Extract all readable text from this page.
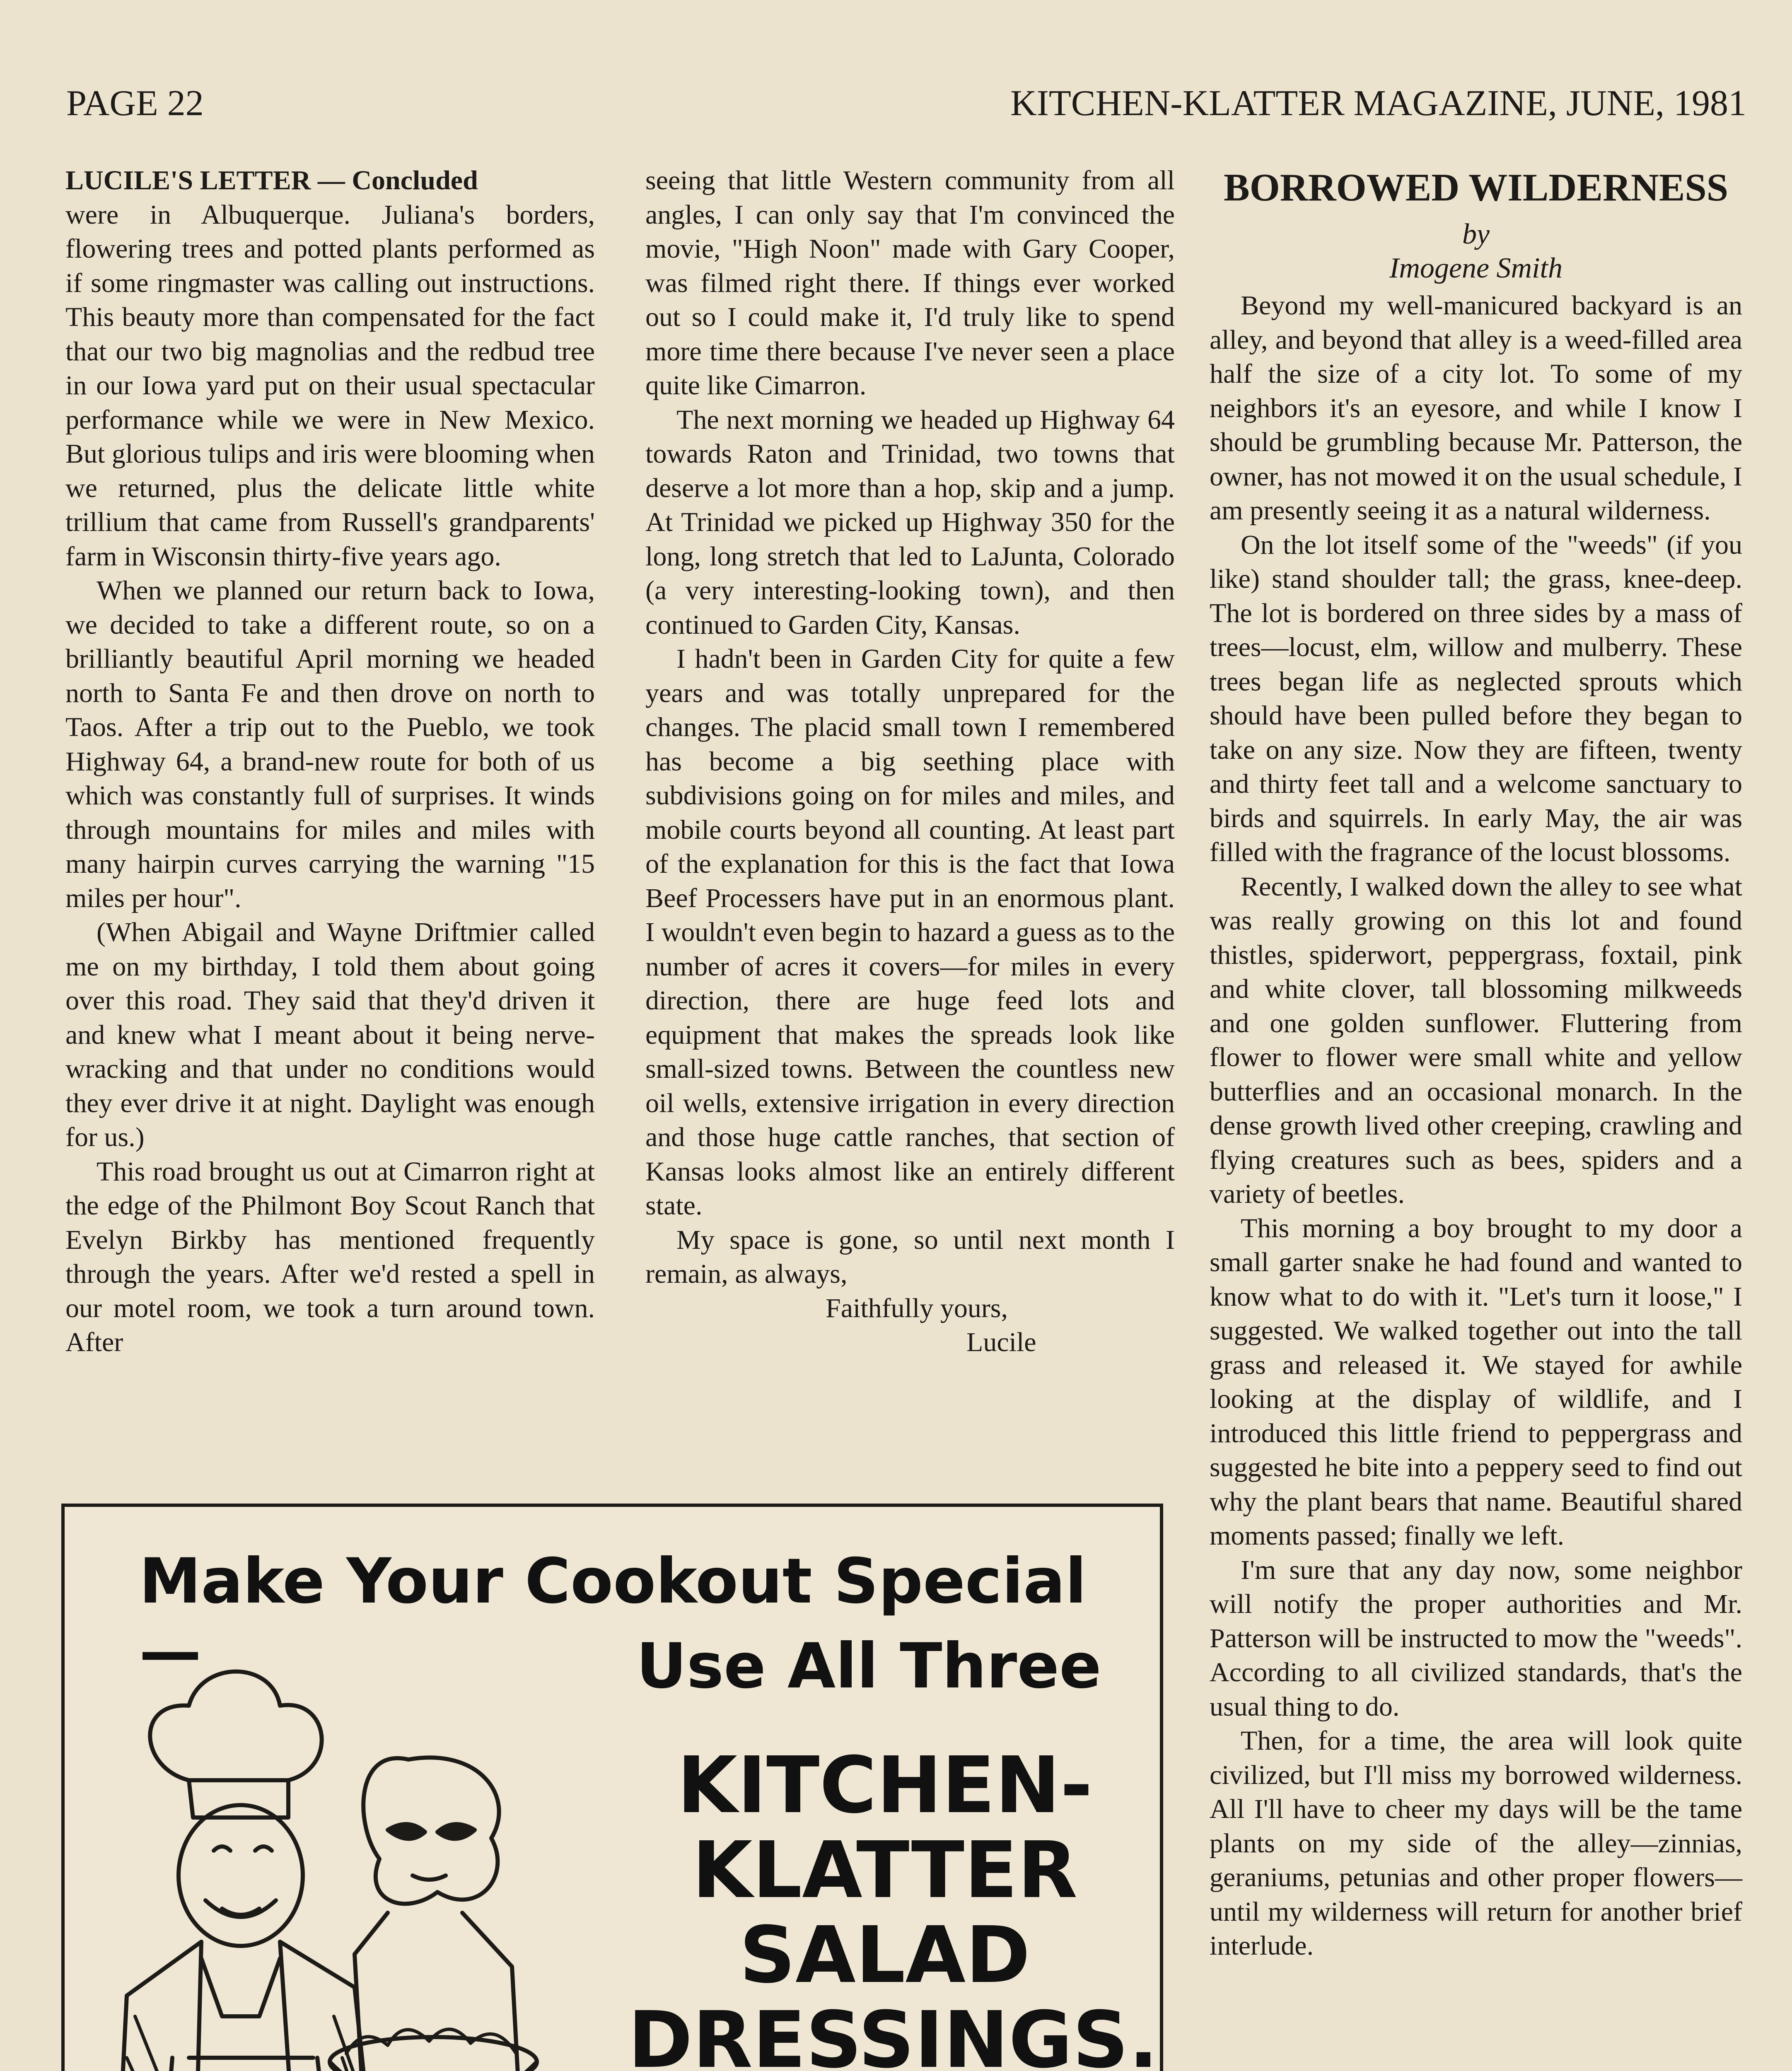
PAGE 22	KITCHEN-KLATTER MAGAZINE, JUNE, 1981

LUCILE'S LETTER — Concluded
were in Albuquerque. Juliana's borders, flowering trees and potted plants performed as if some ringmaster was calling out instructions. This beauty more than compensated for the fact that our two big magnolias and the redbud tree in our Iowa yard put on their usual spectacular performance while we were in New Mexico. But glorious tulips and iris were blooming when we returned, plus the delicate little white trillium that came from Russell's grandparents' farm in Wisconsin thirty-five years ago.

When we planned our return back to Iowa, we decided to take a different route, so on a brilliantly beautiful April morning we headed north to Santa Fe and then drove on north to Taos. After a trip out to the Pueblo, we took Highway 64, a brand-new route for both of us which was constantly full of surprises. It winds through mountains for miles and miles with many hairpin curves carrying the warning "15 miles per hour".

(When Abigail and Wayne Driftmier called me on my birthday, I told them about going over this road. They said that they'd driven it and knew what I meant about it being nerve-wracking and that under no conditions would they ever drive it at night. Daylight was enough for us.)

This road brought us out at Cimarron right at the edge of the Philmont Boy Scout Ranch that Evelyn Birkby has mentioned frequently through the years. After we'd rested a spell in our motel room, we took a turn around town. After

seeing that little Western community from all angles, I can only say that I'm convinced the movie, "High Noon" made with Gary Cooper, was filmed right there. If things ever worked out so I could make it, I'd truly like to spend more time there because I've never seen a place quite like Cimarron.

The next morning we headed up Highway 64 towards Raton and Trinidad, two towns that deserve a lot more than a hop, skip and a jump. At Trinidad we picked up Highway 350 for the long, long stretch that led to LaJunta, Colorado (a very interesting-looking town), and then continued to Garden City, Kansas.

I hadn't been in Garden City for quite a few years and was totally unprepared for the changes. The placid small town I remembered has become a big seething place with subdivisions going on for miles and miles, and mobile courts beyond all counting. At least part of the explanation for this is the fact that Iowa Beef Processers have put in an enormous plant. I wouldn't even begin to hazard a guess as to the number of acres it covers—for miles in every direction, there are huge feed lots and equipment that makes the spreads look like small-sized towns. Between the countless new oil wells, extensive irrigation in every direction and those huge cattle ranches, that section of Kansas looks almost like an entirely different state.

My space is gone, so until next month I remain, as always,

Faithfully yours,

Lucile

BORROWED WILDERNESS
by
Imogene Smith

Beyond my well-manicured backyard is an alley, and beyond that alley is a weed-filled area half the size of a city lot. To some of my neighbors it's an eyesore, and while I know I should be grumbling because Mr. Patterson, the owner, has not mowed it on the usual schedule, I am presently seeing it as a natural wilderness.

On the lot itself some of the "weeds" (if you like) stand shoulder tall; the grass, knee-deep. The lot is bordered on three sides by a mass of trees—locust, elm, willow and mulberry. These trees began life as neglected sprouts which should have been pulled before they began to take on any size. Now they are fifteen, twenty and thirty feet tall and a welcome sanctuary to birds and squirrels. In early May, the air was filled with the fragrance of the locust blossoms.

Recently, I walked down the alley to see what was really growing on this lot and found thistles, spiderwort, peppergrass, foxtail, pink and white clover, tall blossoming milkweeds and one golden sunflower. Fluttering from flower to flower were small white and yellow butterflies and an occasional monarch. In the dense growth lived other creeping, crawling and flying creatures such as bees, spiders and a variety of beetles.

This morning a boy brought to my door a small garter snake he had found and wanted to know what to do with it. "Let's turn it loose," I suggested. We walked together out into the tall grass and released it. We stayed for awhile looking at the display of wildlife, and I introduced this little friend to peppergrass and suggested he bite into a peppery seed to find out why the plant bears that name. Beautiful shared moments passed; finally we left.

I'm sure that any day now, some neighbor will notify the proper authorities and Mr. Patterson will be instructed to mow the "weeds". According to all civilized standards, that's the usual thing to do.

Then, for a time, the area will look quite civilized, but I'll miss my borrowed wilderness. All I'll have to cheer my days will be the tame plants on my side of the alley—zinnias, geraniums, petunias and other proper flowers—until my wilderness will return for another brief interlude.

Make Your Cookout Special —	Use All Three
KITCHEN-
KLATTER
SALAD
DRESSINGS.
